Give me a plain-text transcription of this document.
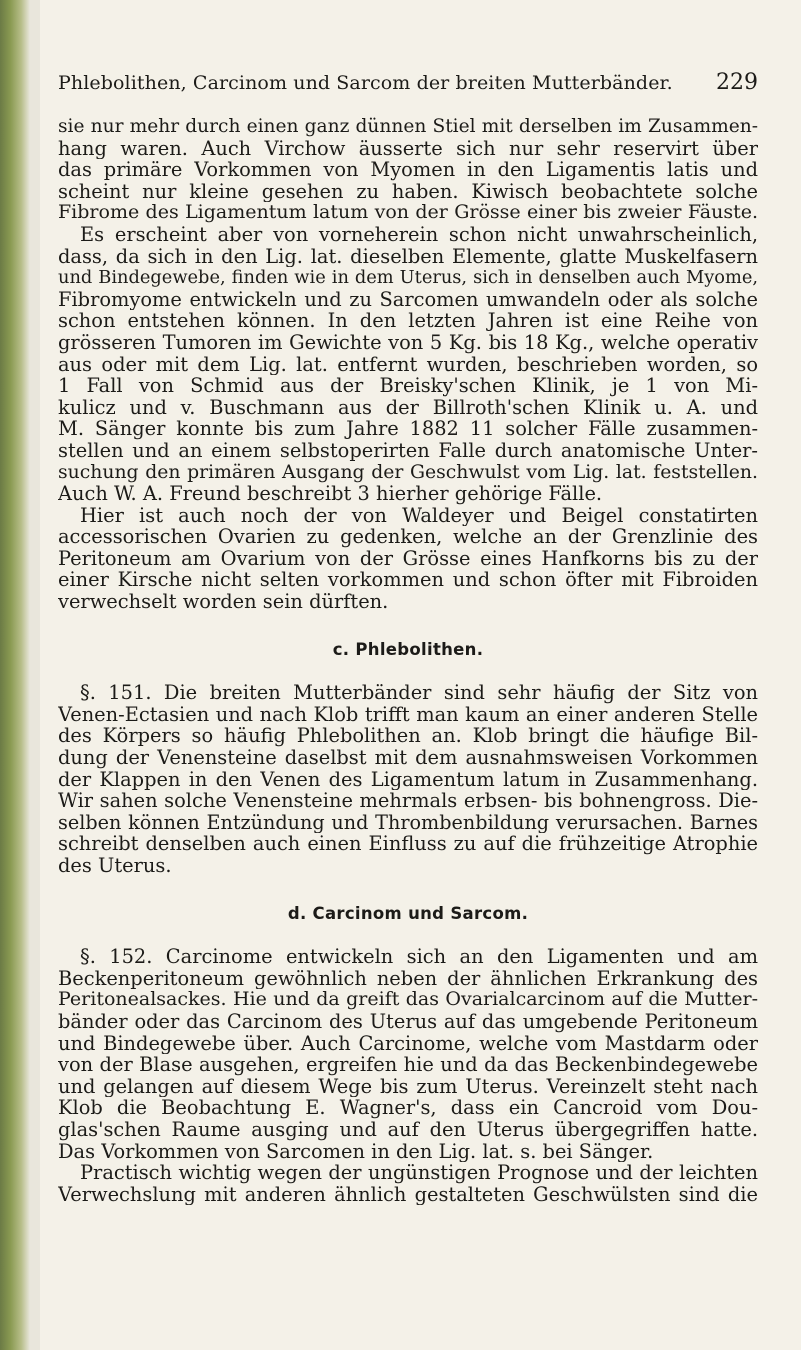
Phlebolithen, Carcinom und Sarcom der breiten Mutterbänder. 229
sie nur mehr durch einen ganz dünnen Stiel mit derselben im Zusammen-
hang waren. Auch Virchow äusserte sich nur sehr reservirt über
das primäre Vorkommen von Myomen in den Ligamentis latis und
scheint nur kleine gesehen zu haben. Kiwisch beobachtete solche
Fibrome des Ligamentum latum von der Grösse einer bis zweier Fäuste.
Es erscheint aber von vorneherein schon nicht unwahrscheinlich,
dass, da sich in den Lig. lat. dieselben Elemente, glatte Muskelfasern
und Bindegewebe, finden wie in dem Uterus, sich in denselben auch Myome,
Fibromyome entwickeln und zu Sarcomen umwandeln oder als solche
schon entstehen können. In den letzten Jahren ist eine Reihe von
grösseren Tumoren im Gewichte von 5 Kg. bis 18 Kg., welche operativ
aus oder mit dem Lig. lat. entfernt wurden, beschrieben worden, so
1 Fall von Schmid aus der Breisky'schen Klinik, je 1 von Mi-
kulicz und v. Buschmann aus der Billroth'schen Klinik u. A. und
M. Sänger konnte bis zum Jahre 1882 11 solcher Fälle zusammen-
stellen und an einem selbstoperirten Falle durch anatomische Unter-
suchung den primären Ausgang der Geschwulst vom Lig. lat. feststellen.
Auch W. A. Freund beschreibt 3 hierher gehörige Fälle.
Hier ist auch noch der von Waldeyer und Beigel constatirten
accessorischen Ovarien zu gedenken, welche an der Grenzlinie des
Peritoneum am Ovarium von der Grösse eines Hanfkorns bis zu der
einer Kirsche nicht selten vorkommen und schon öfter mit Fibroiden
verwechselt worden sein dürften.
c. Phlebolithen.
§. 151. Die breiten Mutterbänder sind sehr häufig der Sitz von
Venen-Ectasien und nach Klob trifft man kaum an einer anderen Stelle
des Körpers so häufig Phlebolithen an. Klob bringt die häufige Bil-
dung der Venensteine daselbst mit dem ausnahmsweisen Vorkommen
der Klappen in den Venen des Ligamentum latum in Zusammenhang.
Wir sahen solche Venensteine mehrmals erbsen- bis bohnengross. Die-
selben können Entzündung und Thrombenbildung verursachen. Barnes
schreibt denselben auch einen Einfluss zu auf die frühzeitige Atrophie
des Uterus.
d. Carcinom und Sarcom.
§. 152. Carcinome entwickeln sich an den Ligamenten und am
Beckenperitoneum gewöhnlich neben der ähnlichen Erkrankung des
Peritonealsackes. Hie und da greift das Ovarialcarcinom auf die Mutter-
bänder oder das Carcinom des Uterus auf das umgebende Peritoneum
und Bindegewebe über. Auch Carcinome, welche vom Mastdarm oder
von der Blase ausgehen, ergreifen hie und da das Beckenbindegewebe
und gelangen auf diesem Wege bis zum Uterus. Vereinzelt steht nach
Klob die Beobachtung E. Wagner's, dass ein Cancroid vom Dou-
glas'schen Raume ausging und auf den Uterus übergegriffen hatte.
Das Vorkommen von Sarcomen in den Lig. lat. s. bei Sänger.
Practisch wichtig wegen der ungünstigen Prognose und der leichten
Verwechslung mit anderen ähnlich gestalteten Geschwülsten sind die
